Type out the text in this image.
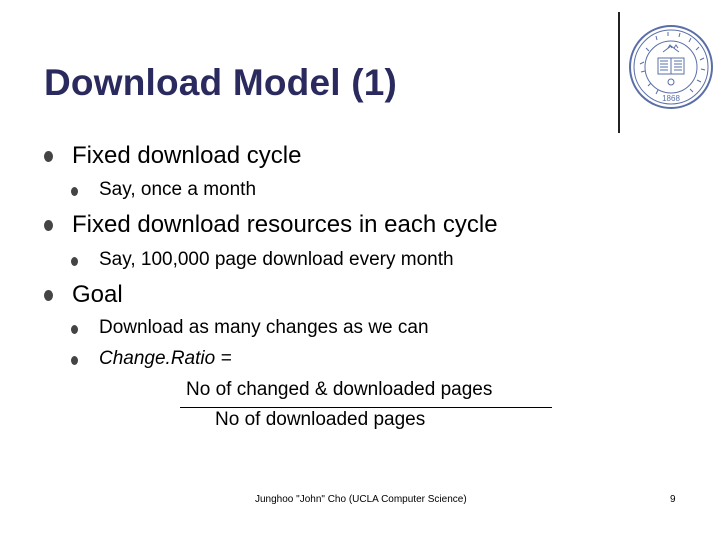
Download Model (1)	1868
Fixed download cycle
Say, once a month
Fixed download resources in each cycle
Say, 100,000 page download every month
Goal
Download as many changes as we can
Change.Ratio =
No of changed & downloaded pages
No of downloaded pages
Junghoo "John" Cho (UCLA Computer Science)	9
